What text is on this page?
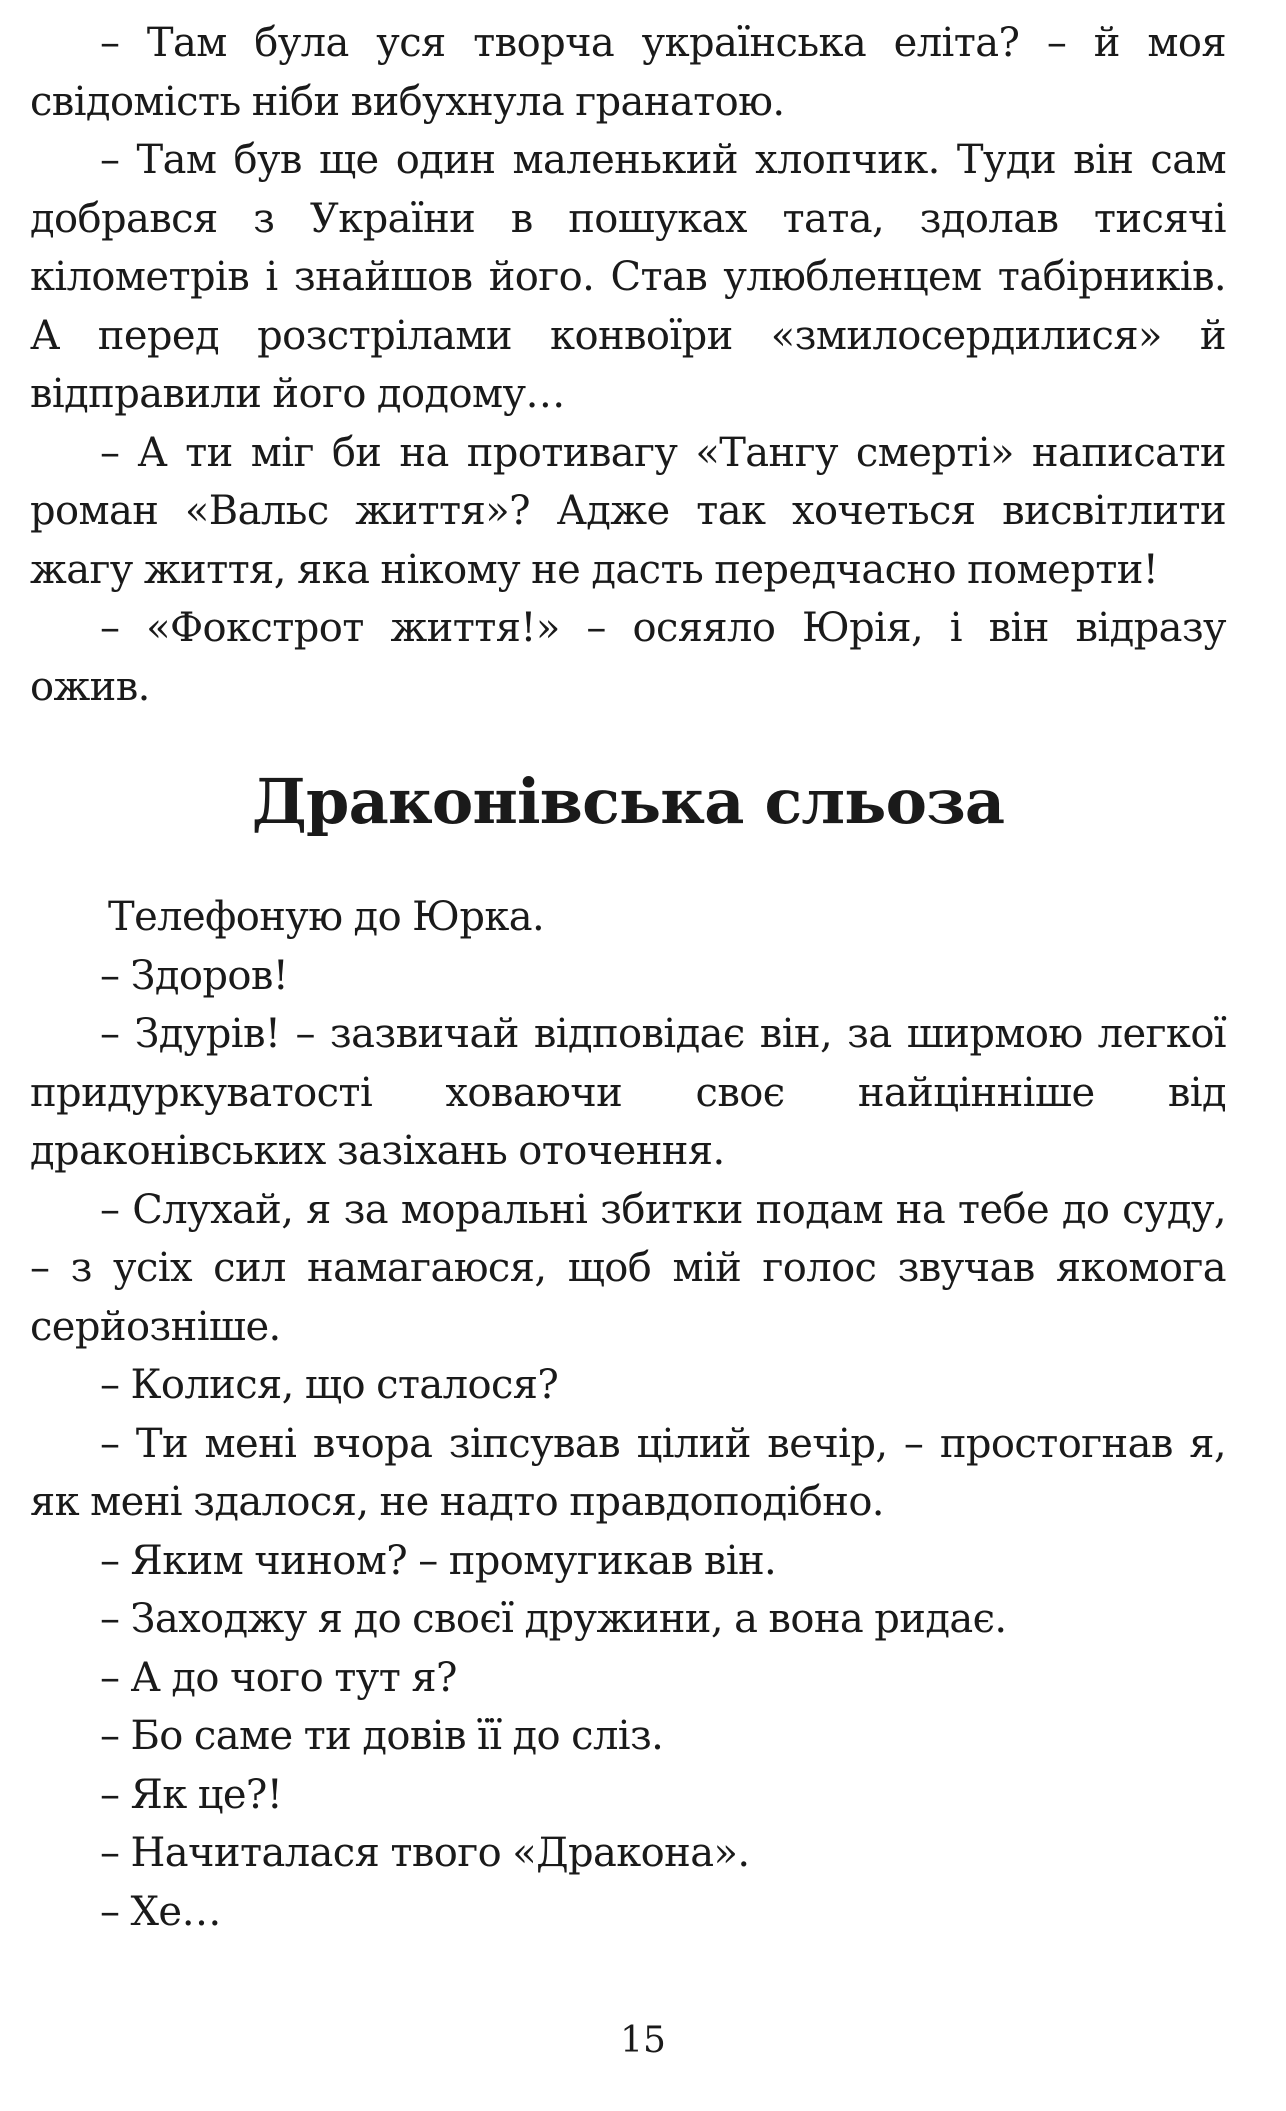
– Там була уся творча українська еліта? – й моя свідомість ніби вибухнула гранатою.

– Там був ще один маленький хлопчик. Туди він сам добрався з України в пошуках тата, здолав тисячі кілометрів і знайшов його. Став улюбленцем табірників. А перед розстрілами конвоїри «змилосердилися» й відправили його додому…

– А ти міг би на противагу «Тангу смерті» написати роман «Вальс життя»? Адже так хочеться висвітлити жагу життя, яка нікому не дасть передчасно померти!

– «Фокстрот життя!» – осяяло Юрія, і він відразу ожив.

Драконівська сльоза

Телефоную до Юрка.

– Здоров!

– Здурів! – зазвичай відповідає він, за ширмою легкої придуркуватості ховаючи своє найцінніше від драконівських зазіхань оточення.

– Слухай, я за моральні збитки подам на тебе до суду, – з усіх сил намагаюся, щоб мій голос звучав якомога серйозніше.

– Колися, що сталося?

– Ти мені вчора зіпсував цілий вечір, – простогнав я, як мені здалося, не надто правдоподібно.

– Яким чином? – промугикав він.

– Заходжу я до своєї дружини, а вона ридає.

– А до чого тут я?

– Бо саме ти довів її до сліз.

– Як це?!

– Начиталася твого «Дракона».

– Хе…

15
